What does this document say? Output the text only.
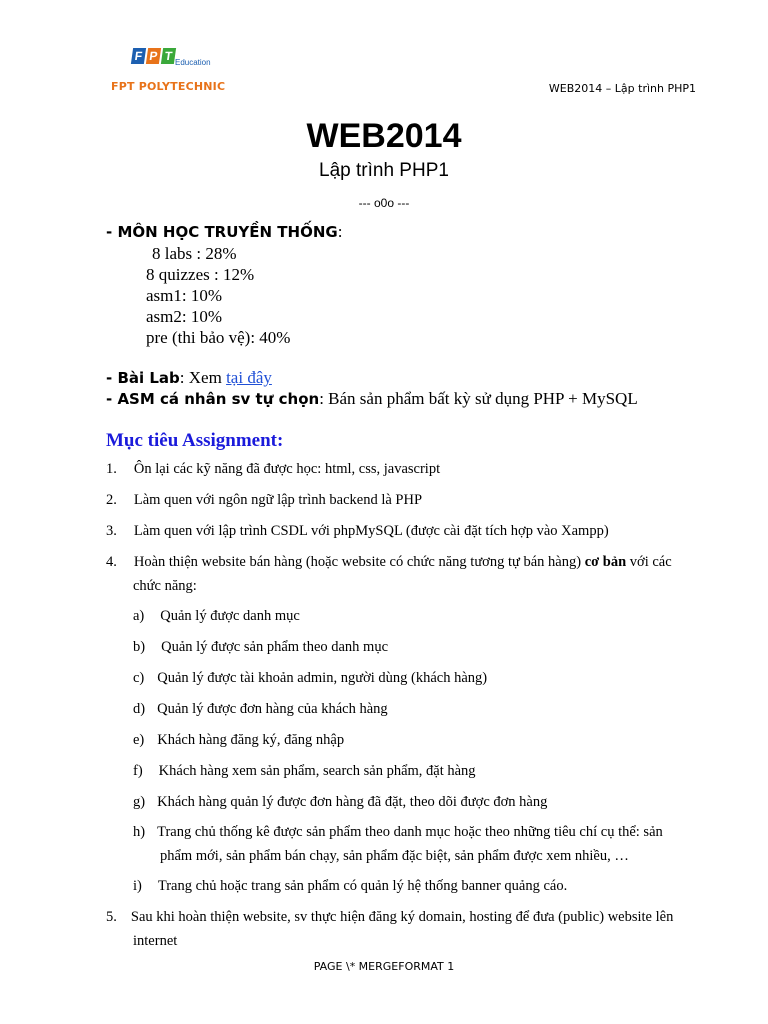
F P T Education
FPT POLYTECHNIC	WEB2014 – Lập trình PHP1
WEB2014
Lập trình PHP1
--- o0o ---
- MÔN HỌC TRUYỀN THỐNG:
8 labs : 28%
8 quizzes : 12%
asm1: 10%
asm2: 10%
pre (thi bảo vệ): 40%
- Bài Lab: Xem tại đây
- ASM cá nhân sv tự chọn: Bán sản phẩm bất kỳ sử dụng PHP + MySQL
Mục tiêu Assignment:
1. Ôn lại các kỹ năng đã được học: html, css, javascript
2. Làm quen với ngôn ngữ lập trình backend là PHP
3. Làm quen với lập trình CSDL với phpMySQL (được cài đặt tích hợp vào Xampp)
4. Hoàn thiện website bán hàng (hoặc website có chức năng tương tự bán hàng) cơ bản với các
chức năng:
a) Quản lý được danh mục
b) Quản lý được sản phẩm theo danh mục
c) Quản lý được tài khoản admin, người dùng (khách hàng)
d) Quản lý được đơn hàng của khách hàng
e) Khách hàng đăng ký, đăng nhập
f) Khách hàng xem sản phẩm, search sản phẩm, đặt hàng
g) Khách hàng quản lý được đơn hàng đã đặt, theo dõi được đơn hàng
h) Trang chủ thống kê được sản phẩm theo danh mục hoặc theo những tiêu chí cụ thể: sản
phẩm mới, sản phẩm bán chạy, sản phẩm đặc biệt, sản phẩm được xem nhiều, …
i) Trang chủ hoặc trang sản phẩm có quản lý hệ thống banner quảng cáo.
5. Sau khi hoàn thiện website, sv thực hiện đăng ký domain, hosting để đưa (public) website lên
internet
PAGE \* MERGEFORMAT 1
